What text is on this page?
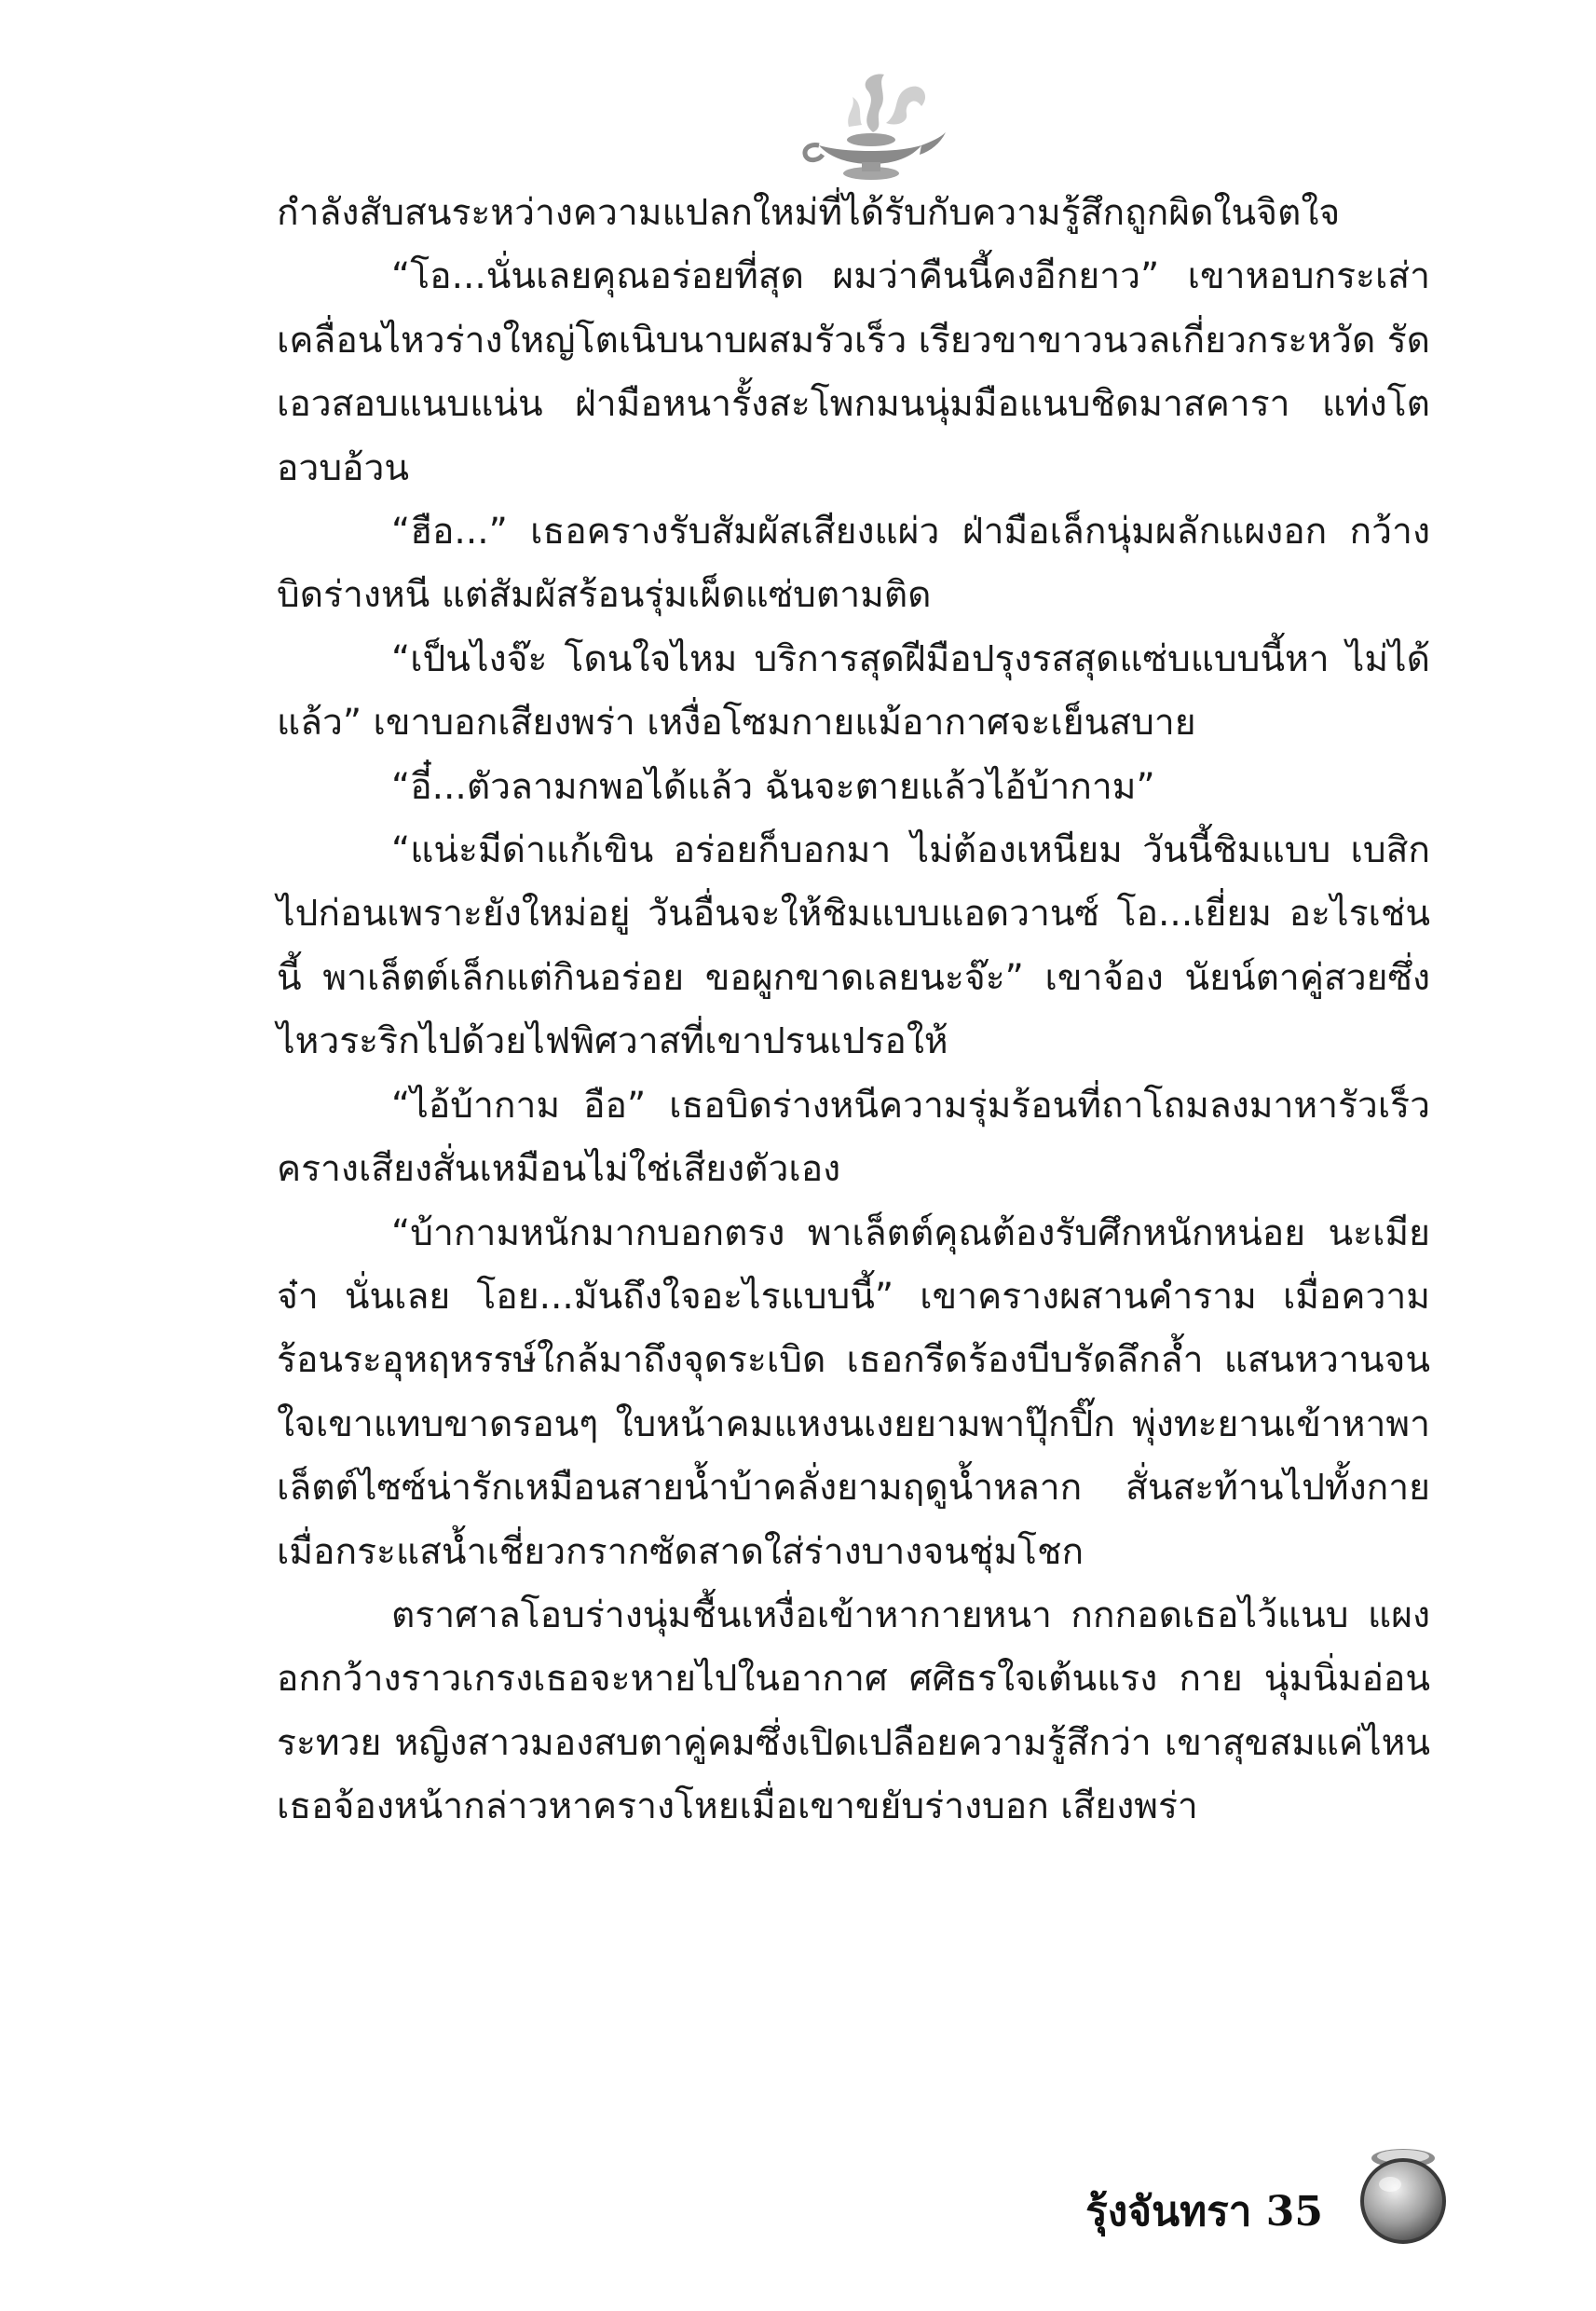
กำลังสับสนระหว่างความแปลกใหม่ที่ได้รับกับความรู้สึกถูกผิดในจิตใจ

“โอ...นั่นเลยคุณอร่อยที่สุด ผมว่าคืนนี้คงอีกยาว” เขาหอบกระเส่า เคลื่อนไหวร่างใหญ่โตเนิบนาบผสมรัวเร็ว เรียวขาขาวนวลเกี่ยวกระหวัด รัดเอวสอบแนบแน่น ฝ่ามือหนารั้งสะโพกมนนุ่มมือแนบชิดมาสคารา แท่งโตอวบอ้วน

“ฮือ...” เธอครางรับสัมผัสเสียงแผ่ว ฝ่ามือเล็กนุ่มผลักแผงอก กว้างบิดร่างหนี แต่สัมผัสร้อนรุ่มเผ็ดแซ่บตามติด

“เป็นไงจ๊ะ โดนใจไหม บริการสุดฝีมือปรุงรสสุดแซ่บแบบนี้หา ไม่ได้แล้ว” เขาบอกเสียงพร่า เหงื่อโซมกายแม้อากาศจะเย็นสบาย

“อี๋...ตัวลามกพอได้แล้ว ฉันจะตายแล้วไอ้บ้ากาม”

“แน่ะมีด่าแก้เขิน อร่อยก็บอกมา ไม่ต้องเหนียม วันนี้ชิมแบบ เบสิกไปก่อนเพราะยังใหม่อยู่ วันอื่นจะให้ชิมแบบแอดวานซ์ โอ...เยี่ยม อะไรเช่นนี้ พาเล็ตต์เล็กแต่กินอร่อย ขอผูกขาดเลยนะจ๊ะ” เขาจ้อง นัยน์ตาคู่สวยซึ่งไหวระริกไปด้วยไฟพิศวาสที่เขาปรนเปรอให้

“ไอ้บ้ากาม อือ” เธอบิดร่างหนีความรุ่มร้อนที่ถาโถมลงมาหารัวเร็ว ครางเสียงสั่นเหมือนไม่ใช่เสียงตัวเอง

“บ้ากามหนักมากบอกตรง พาเล็ตต์คุณต้องรับศึกหนักหน่อย นะเมียจ๋า นั่นเลย โอย...มันถึงใจอะไรแบบนี้” เขาครางผสานคำราม เมื่อความร้อนระอุหฤหรรษ์ใกล้มาถึงจุดระเบิด เธอกรีดร้องบีบรัดลึกล้ำ แสนหวานจนใจเขาแทบขาดรอนๆ ใบหน้าคมแหงนเงยยามพาปุ๊กปิ๊ก พุ่งทะยานเข้าหาพาเล็ตต์ไซซ์น่ารักเหมือนสายน้ำบ้าคลั่งยามฤดูน้ำหลาก สั่นสะท้านไปทั้งกายเมื่อกระแสน้ำเชี่ยวกรากซัดสาดใส่ร่างบางจนชุ่มโชก

ตราศาลโอบร่างนุ่มชื้นเหงื่อเข้าหากายหนา กกกอดเธอไว้แนบ แผงอกกว้างราวเกรงเธอจะหายไปในอากาศ ศศิธรใจเต้นแรง กาย นุ่มนิ่มอ่อนระทวย หญิงสาวมองสบตาคู่คมซึ่งเปิดเปลือยความรู้สึกว่า เขาสุขสมแค่ไหน เธอจ้องหน้ากล่าวหาครางโหยเมื่อเขาขยับร่างบอก เสียงพร่า

รุ้งจันทรา 35
